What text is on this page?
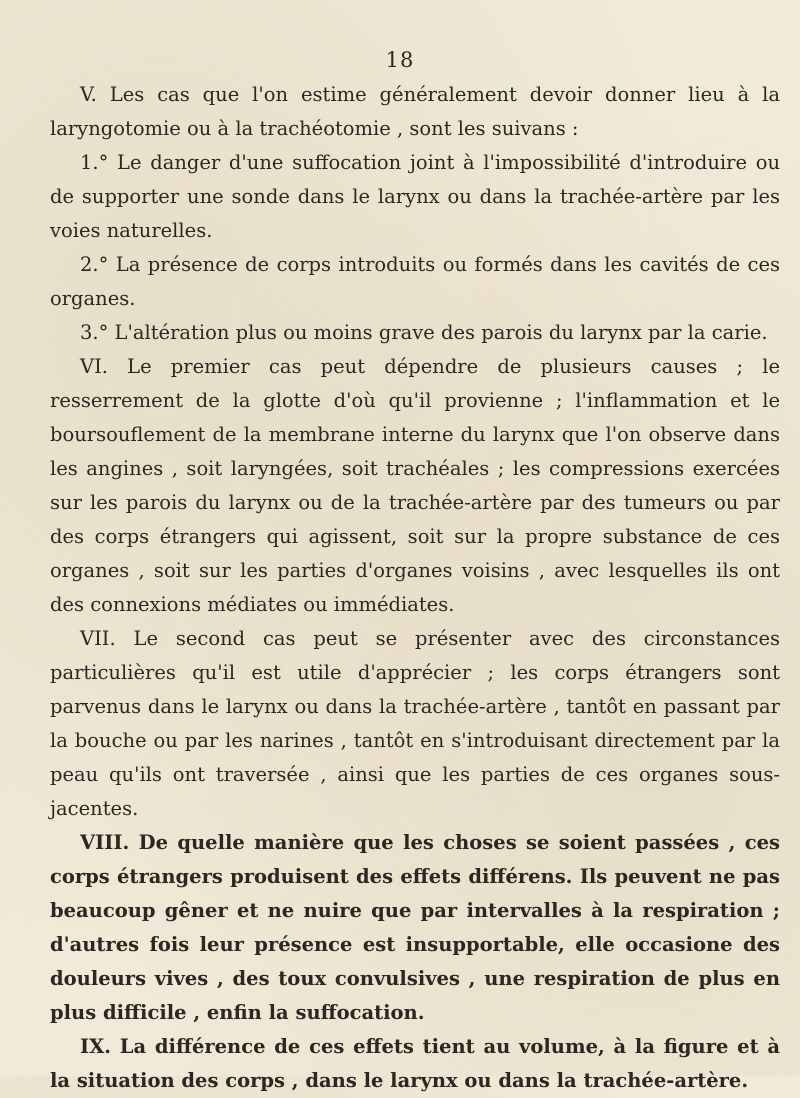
18

V. Les cas que l'on estime généralement devoir donner lieu à la laryngotomie ou à la trachéotomie , sont les suivans :

1.° Le danger d'une suffocation joint à l'impossibilité d'introduire ou de supporter une sonde dans le larynx ou dans la trachée-artère par les voies naturelles.

2.° La présence de corps introduits ou formés dans les cavités de ces organes.

3.° L'altération plus ou moins grave des parois du larynx par la carie.

VI. Le premier cas peut dépendre de plusieurs causes ; le resserrement de la glotte d'où qu'il provienne ; l'inflammation et le boursouflement de la membrane interne du larynx que l'on observe dans les angines , soit laryngées, soit trachéales ; les compressions exercées sur les parois du larynx ou de la trachée-artère par des tumeurs ou par des corps étrangers qui agissent, soit sur la propre substance de ces organes , soit sur les parties d'organes voisins , avec lesquelles ils ont des connexions médiates ou immédiates.

VII. Le second cas peut se présenter avec des circonstances particulières qu'il est utile d'apprécier ; les corps étrangers sont parvenus dans le larynx ou dans la trachée-artère , tantôt en passant par la bouche ou par les narines , tantôt en s'introduisant directement par la peau qu'ils ont traversée , ainsi que les parties de ces organes sous-jacentes.

VIII. De quelle manière que les choses se soient passées , ces corps étrangers produisent des effets différens. Ils peuvent ne pas beaucoup gêner et ne nuire que par intervalles à la respiration ; d'autres fois leur présence est insupportable, elle occasione des douleurs vives , des toux convulsives , une respiration de plus en plus difficile , enfin la suffocation.

IX. La différence de ces effets tient au volume, à la figure et à la situation des corps , dans le larynx ou dans la trachée-artère.
